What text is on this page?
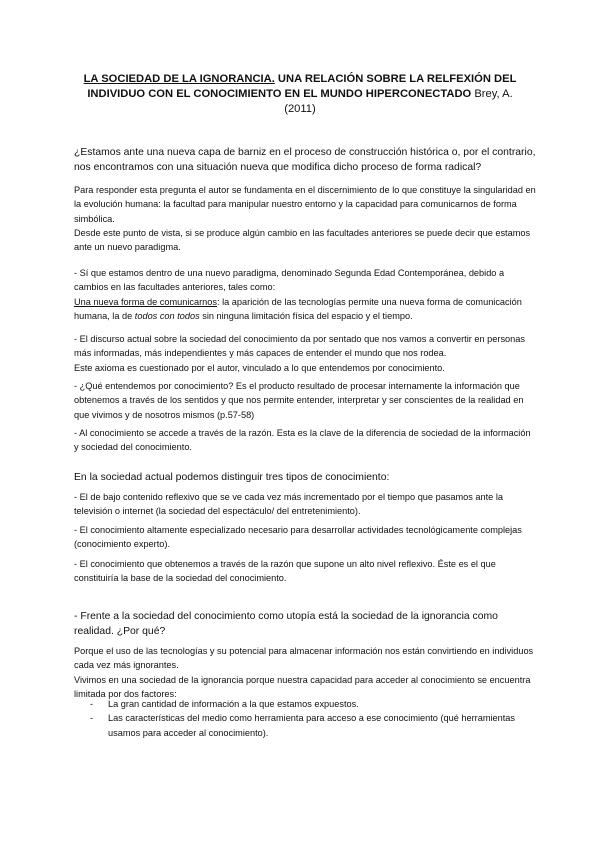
LA SOCIEDAD DE LA IGNORANCIA. UNA RELACIÓN SOBRE LA RELFEXIÓN DEL INDIVIDUO CON EL CONOCIMIENTO EN EL MUNDO HIPERCONECTADO Brey, A.
(2011)

¿Estamos ante una nueva capa de barniz en el proceso de construcción histórica o, por el contrario, nos encontramos con una situación nueva que modifica dicho proceso de forma radical?

Para responder esta pregunta el autor se fundamenta en el discernimiento de lo que constituye la singularidad en la evolución humana: la facultad para manipular nuestro entorno y la capacidad para comunicarnos de forma simbólica.

Desde este punto de vista, si se produce algún cambio en las facultades anteriores se puede decir que estamos ante un nuevo paradigma.

- Sí que estamos dentro de una nuevo paradigma, denominado Segunda Edad Contemporánea, debido a cambios en las facultades anteriores, tales como:

Una nueva forma de comunicarnos: la aparición de las tecnologías permite una nueva forma de comunicación humana, la de todos con todos sin ninguna limitación física del espacio y el tiempo.

- El discurso actual sobre la sociedad del conocimiento da por sentado que nos vamos a convertir en personas más informadas, más independientes y más capaces de entender el mundo que nos rodea.

Este axioma es cuestionado por el autor, vinculado a lo que entendemos por conocimiento.

- ¿Qué entendemos por conocimiento? Es el producto resultado de procesar internamente la información que obtenemos a través de los sentidos y que nos permite entender, interpretar y ser conscientes de la realidad en que vivimos y de nosotros mismos (p.57-58)

- Al conocimiento se accede a través de la razón. Esta es la clave de la diferencia de sociedad de la información y sociedad del conocimiento.

En la sociedad actual podemos distinguir tres tipos de conocimiento:

- El de bajo contenido reflexivo que se ve cada vez más incrementado por el tiempo que pasamos ante la televisión o internet (la sociedad del espectáculo/ del entretenimiento).

- El conocimiento altamente especializado necesario para desarrollar actividades tecnológicamente complejas (conocimiento experto).

- El conocimiento que obtenemos a través de la razón que supone un alto nivel reflexivo. Éste es el que constituiría la base de la sociedad del conocimiento.

- Frente a la sociedad del conocimiento como utopía está la sociedad de la ignorancia como realidad. ¿Por qué?

Porque el uso de las tecnologías y su potencial para almacenar información nos están convirtiendo en individuos cada vez más ignorantes.

Vivimos en una sociedad de la ignorancia porque nuestra capacidad para acceder al conocimiento se encuentra limitada por dos factores:

- La gran cantidad de información a la que estamos expuestos.
- Las características del medio como herramienta para acceso a ese conocimiento (qué herramientas usamos para acceder al conocimiento).
